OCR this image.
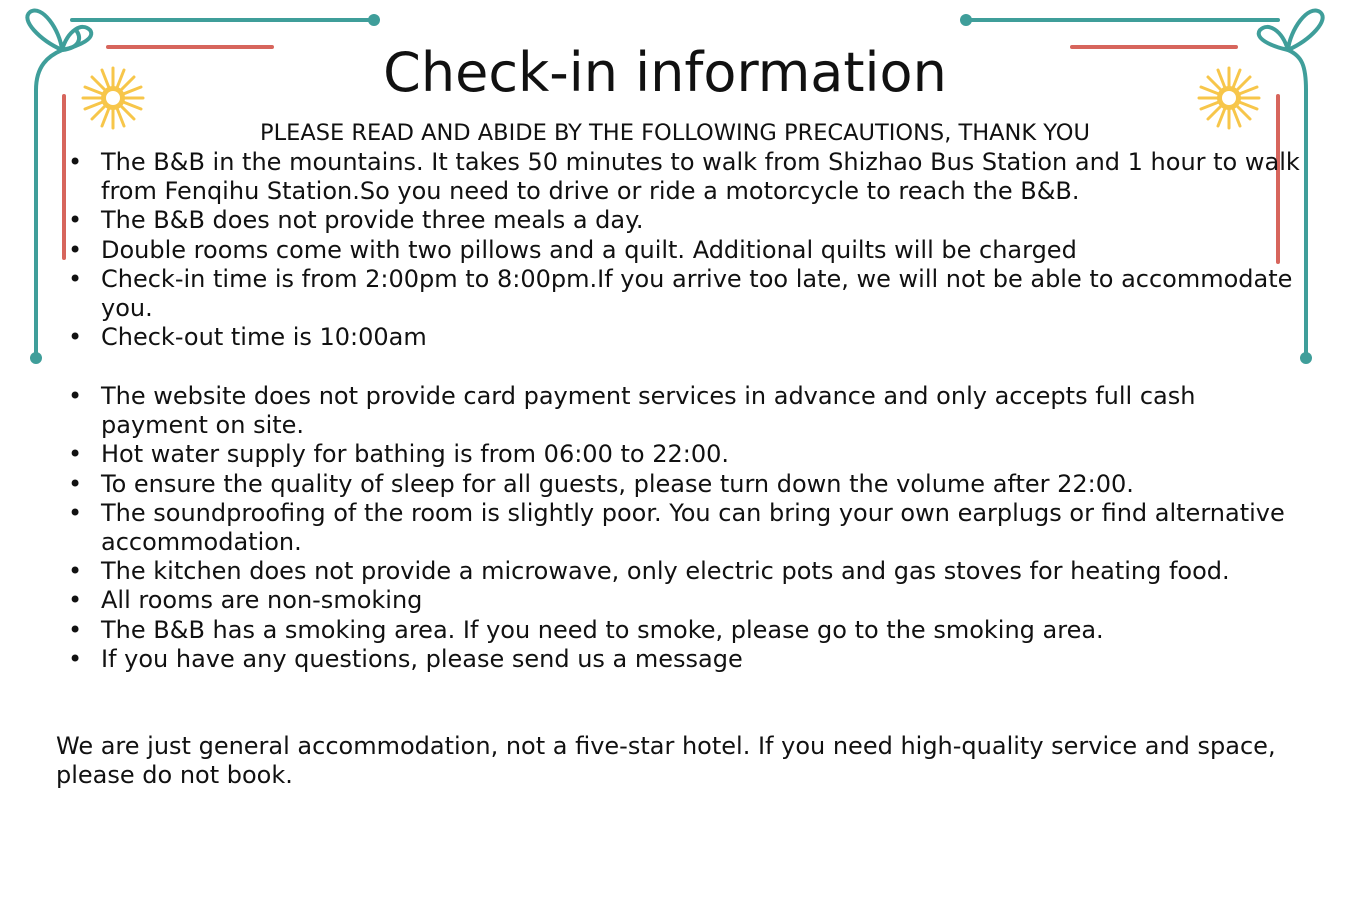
Check-in information

PLEASE READ AND ABIDE BY THE FOLLOWING PRECAUTIONS, THANK YOU

• The B&B in the mountains. It takes 50 minutes to walk from Shizhao Bus Station and 1 hour to walk from Fenqihu Station.So you need to drive or ride a motorcycle to reach the B&B.
• The B&B does not provide three meals a day.
• Double rooms come with two pillows and a quilt. Additional quilts will be charged
• Check-in time is from 2:00pm to 8:00pm.If you arrive too late, we will not be able to accommodate you.
• Check-out time is 10:00am
• The website does not provide card payment services in advance and only accepts full cash payment on site.
• Hot water supply for bathing is from 06:00 to 22:00.
• To ensure the quality of sleep for all guests, please turn down the volume after 22:00.
• The soundproofing of the room is slightly poor. You can bring your own earplugs or find alternative accommodation.
• The kitchen does not provide a microwave, only electric pots and gas stoves for heating food.
• All rooms are non-smoking
• The B&B has a smoking area. If you need to smoke, please go to the smoking area.
• If you have any questions, please send us a message

We are just general accommodation, not a five-star hotel. If you need high-quality service and space, please do not book.
